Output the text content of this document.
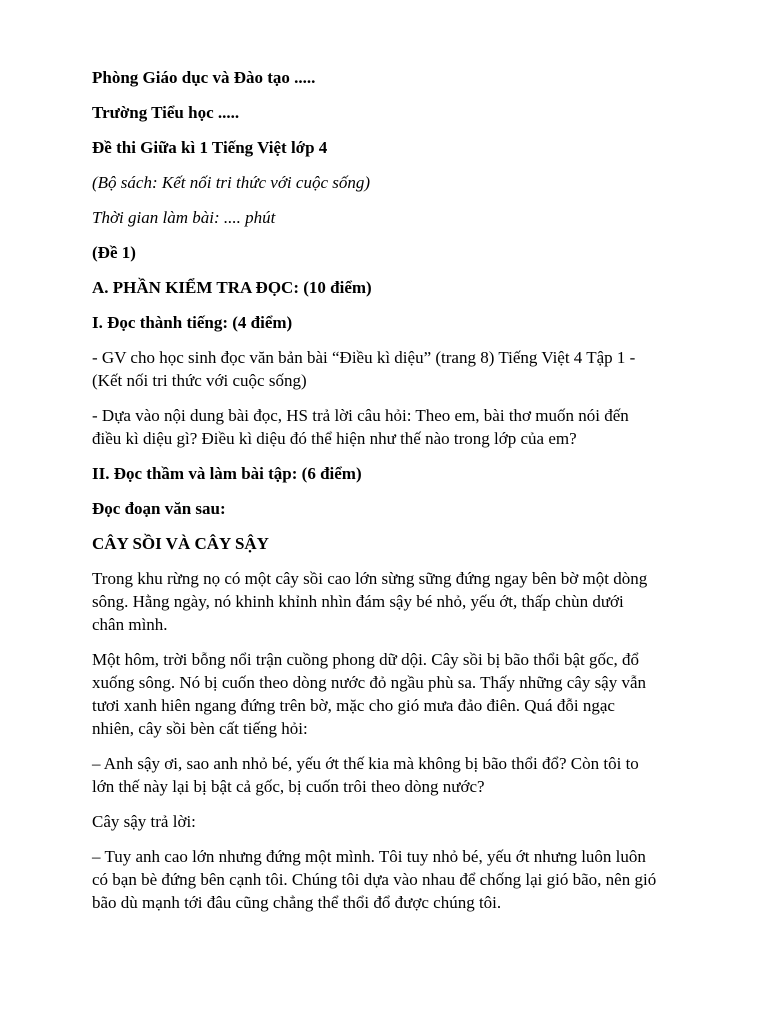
Phòng Giáo dục và Đào tạo .....

Trường Tiểu học .....

Đề thi Giữa kì 1 Tiếng Việt lớp 4

(Bộ sách: Kết nối tri thức với cuộc sống)

Thời gian làm bài: .... phút

(Đề 1)

A. PHẦN KIỂM TRA ĐỌC: (10 điểm)

I. Đọc thành tiếng: (4 điểm)

- GV cho học sinh đọc văn bản bài “Điều kì diệu” (trang 8) Tiếng Việt 4 Tập 1 -

(Kết nối tri thức với cuộc sống)

- Dựa vào nội dung bài đọc, HS trả lời câu hỏi: Theo em, bài thơ muốn nói đến

điều kì diệu gì? Điều kì diệu đó thể hiện như thế nào trong lớp của em?

II. Đọc thầm và làm bài tập: (6 điểm)

Đọc đoạn văn sau:

CÂY SỒI VÀ CÂY SẬY

Trong khu rừng nọ có một cây sồi cao lớn sừng sững đứng ngay bên bờ một dòng

sông. Hằng ngày, nó khinh khỉnh nhìn đám sậy bé nhỏ, yếu ớt, thấp chùn dưới

chân mình.

Một hôm, trời bỗng nổi trận cuồng phong dữ dội. Cây sồi bị bão thổi bật gốc, đổ

xuống sông. Nó bị cuốn theo dòng nước đỏ ngầu phù sa. Thấy những cây sậy vẫn

tươi xanh hiên ngang đứng trên bờ, mặc cho gió mưa đảo điên. Quá đỗi ngạc

nhiên, cây sồi bèn cất tiếng hỏi:

– Anh sậy ơi, sao anh nhỏ bé, yếu ớt thế kia mà không bị bão thổi đổ? Còn tôi to

lớn thế này lại bị bật cả gốc, bị cuốn trôi theo dòng nước?

Cây sậy trả lời:

– Tuy anh cao lớn nhưng đứng một mình. Tôi tuy nhỏ bé, yếu ớt nhưng luôn luôn

có bạn bè đứng bên cạnh tôi. Chúng tôi dựa vào nhau để chống lại gió bão, nên gió

bão dù mạnh tới đâu cũng chẳng thể thổi đổ được chúng tôi.
